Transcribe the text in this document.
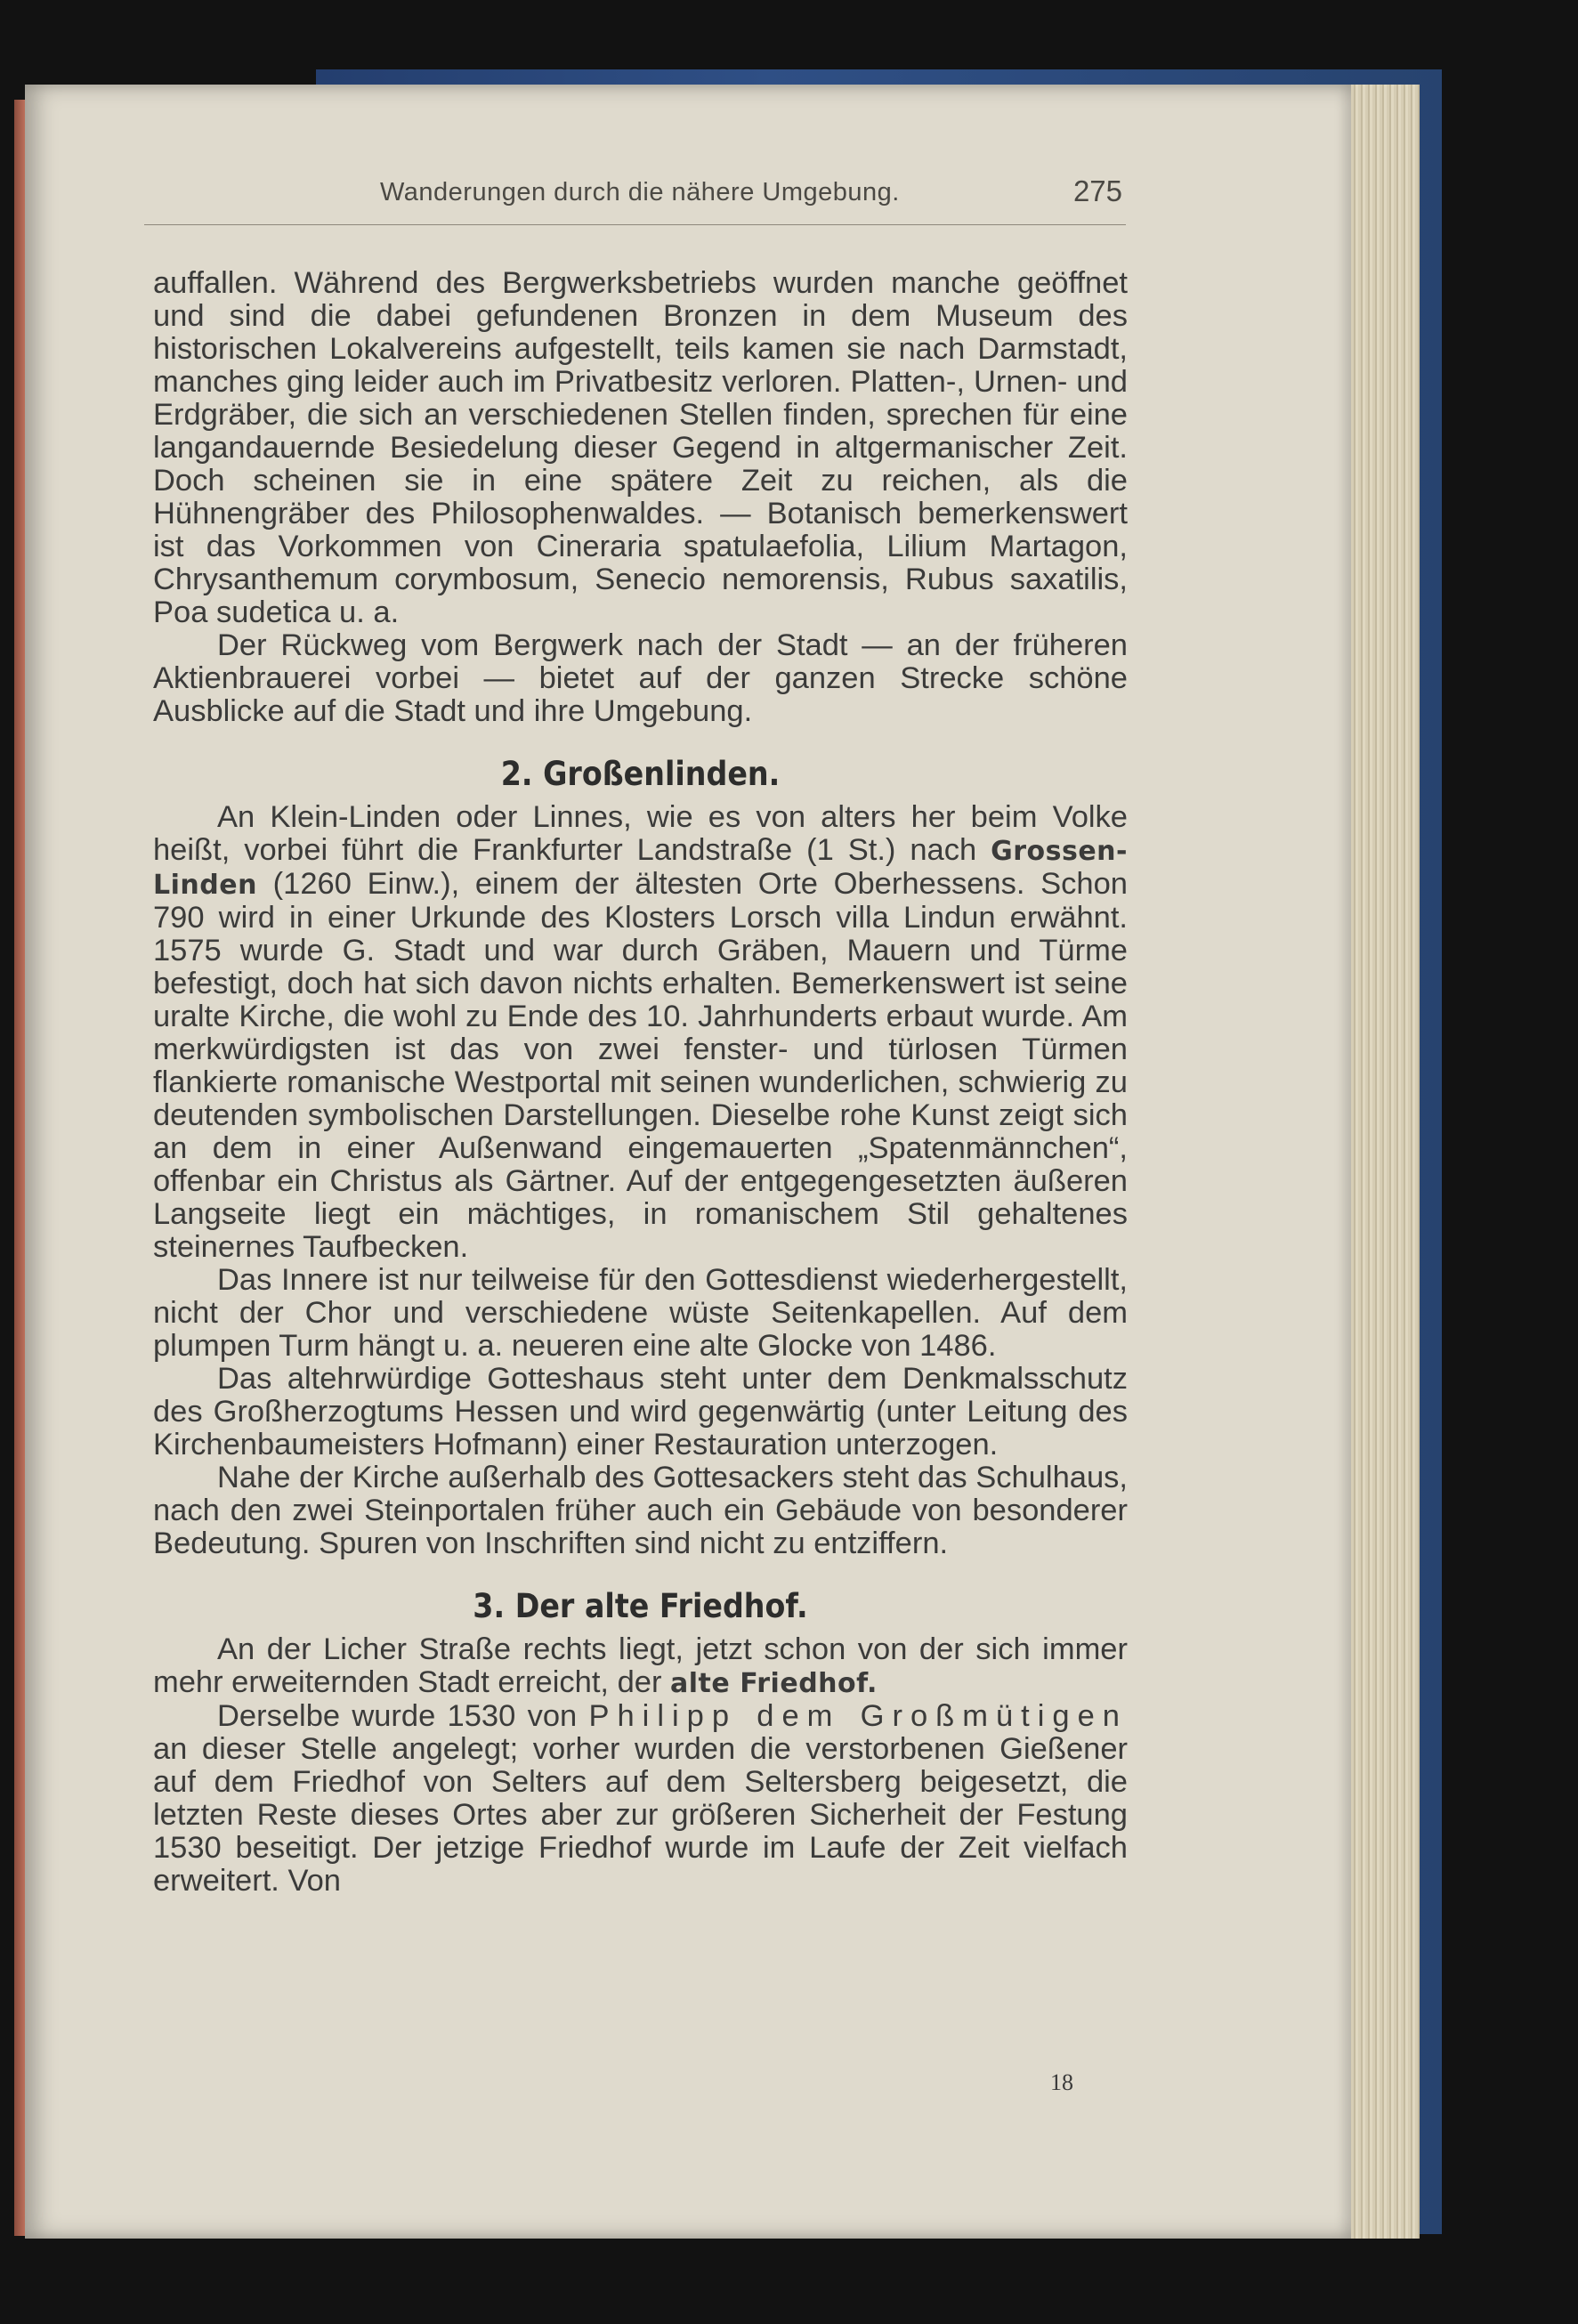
Wanderungen durch die nähere Umgebung.	275

auffallen. Während des Bergwerksbetriebs wurden manche geöffnet und sind die dabei gefundenen Bronzen in dem Museum des historischen Lokalvereins aufgestellt, teils kamen sie nach Darmstadt, manches ging leider auch im Privatbesitz verloren. Platten-, Urnen- und Erdgräber, die sich an verschiedenen Stellen finden, sprechen für eine langandauernde Besiedelung dieser Gegend in altgermanischer Zeit. Doch scheinen sie in eine spätere Zeit zu reichen, als die Hühnengräber des Philosophenwaldes. — Botanisch bemerkenswert ist das Vorkommen von Cineraria spatulaefolia, Lilium Martagon, Chrysanthemum corymbosum, Senecio nemorensis, Rubus saxatilis, Poa sudetica u. a.

Der Rückweg vom Bergwerk nach der Stadt — an der früheren Aktienbrauerei vorbei — bietet auf der ganzen Strecke schöne Ausblicke auf die Stadt und ihre Umgebung.

2. Großenlinden.

An Klein-Linden oder Linnes, wie es von alters her beim Volke heißt, vorbei führt die Frankfurter Landstraße (1 St.) nach Grossen-Linden (1260 Einw.), einem der ältesten Orte Oberhessens. Schon 790 wird in einer Urkunde des Klosters Lorsch villa Lindun erwähnt. 1575 wurde G. Stadt und war durch Gräben, Mauern und Türme befestigt, doch hat sich davon nichts erhalten. Bemerkenswert ist seine uralte Kirche, die wohl zu Ende des 10. Jahrhunderts erbaut wurde. Am merkwürdigsten ist das von zwei fenster- und türlosen Türmen flankierte romanische Westportal mit seinen wunderlichen, schwierig zu deutenden symbolischen Darstellungen. Dieselbe rohe Kunst zeigt sich an dem in einer Außenwand eingemauerten „Spatenmännchen“, offenbar ein Christus als Gärtner. Auf der entgegengesetzten äußeren Langseite liegt ein mächtiges, in romanischem Stil gehaltenes steinernes Taufbecken.

Das Innere ist nur teilweise für den Gottesdienst wiederhergestellt, nicht der Chor und verschiedene wüste Seitenkapellen. Auf dem plumpen Turm hängt u. a. neueren eine alte Glocke von 1486.

Das altehrwürdige Gotteshaus steht unter dem Denkmalsschutz des Großherzogtums Hessen und wird gegenwärtig (unter Leitung des Kirchenbaumeisters Hofmann) einer Restauration unterzogen.

Nahe der Kirche außerhalb des Gottesackers steht das Schulhaus, nach den zwei Steinportalen früher auch ein Gebäude von besonderer Bedeutung. Spuren von Inschriften sind nicht zu entziffern.

3. Der alte Friedhof.

An der Licher Straße rechts liegt, jetzt schon von der sich immer mehr erweiternden Stadt erreicht, der alte Friedhof.

Derselbe wurde 1530 von Philipp dem Großmütigen an dieser Stelle angelegt; vorher wurden die verstorbenen Gießener auf dem Friedhof von Selters auf dem Seltersberg beigesetzt, die letzten Reste dieses Ortes aber zur größeren Sicherheit der Festung 1530 beseitigt. Der jetzige Friedhof wurde im Laufe der Zeit vielfach erweitert. Von

18
